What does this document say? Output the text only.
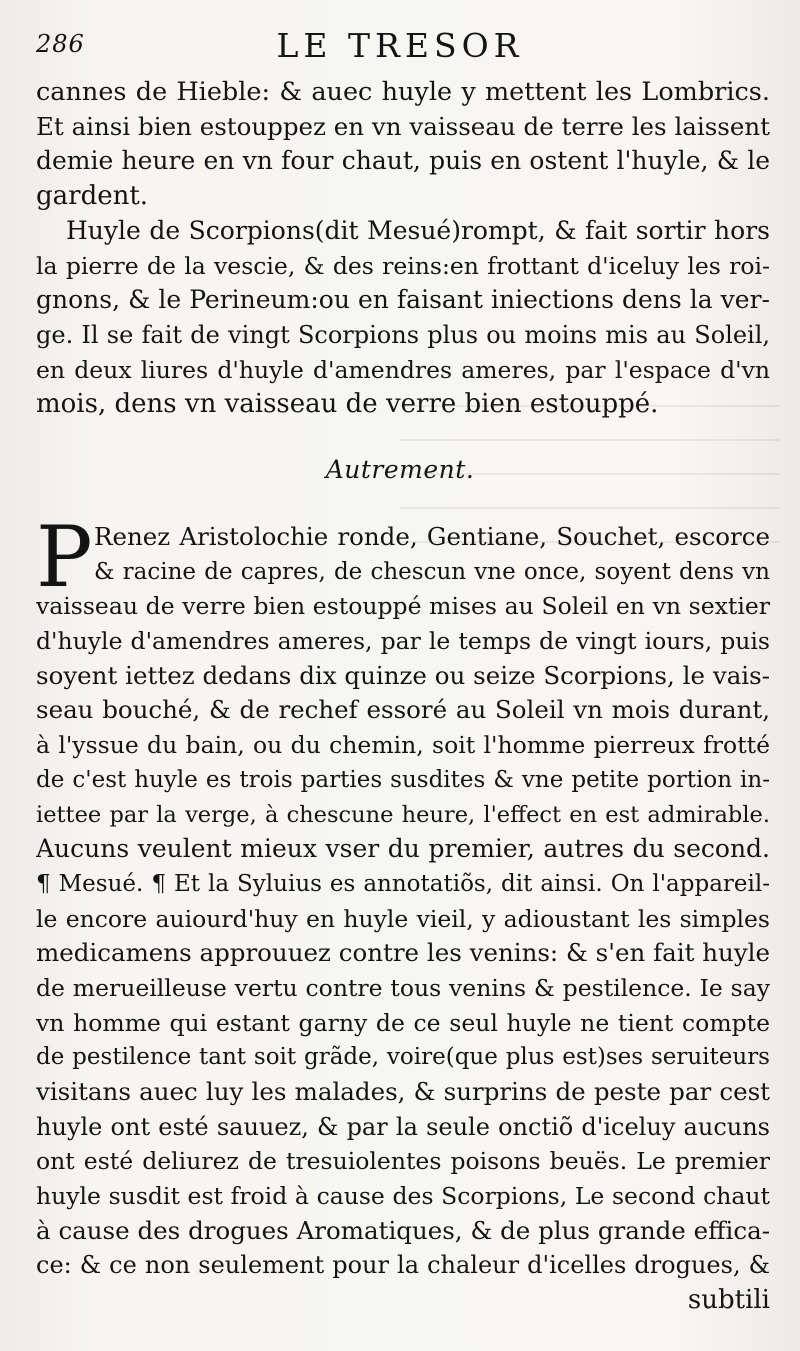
286	LE TRESOR
cannes de Hieble: & auec huyle y mettent les Lombrics.
Et ainsi bien estouppez en vn vaisseau de terre les laissent
demie heure en vn four chaut, puis en ostent l'huyle, & le
gardent.
Huyle de Scorpions(dit Mesué)rompt, & fait sortir hors
la pierre de la vescie, & des reins:en frottant d'iceluy les roi-
gnons, & le Perineum:ou en faisant iniections dens la ver-
ge. Il se fait de vingt Scorpions plus ou moins mis au Soleil,
en deux liures d'huyle d'amendres ameres, par l'espace d'vn
mois, dens vn vaisseau de verre bien estouppé.
Autrement.
P Renez Aristolochie ronde, Gentiane, Souchet, escorce
& racine de capres, de chescun vne once, soyent dens vn
vaisseau de verre bien estouppé mises au Soleil en vn sextier
d'huyle d'amendres ameres, par le temps de vingt iours, puis
soyent iettez dedans dix quinze ou seize Scorpions, le vais-
seau bouché, & de rechef essoré au Soleil vn mois durant,
à l'yssue du bain, ou du chemin, soit l'homme pierreux frotté
de c'est huyle es trois parties susdites & vne petite portion in-
iettee par la verge, à chescune heure, l'effect en est admirable.
Aucuns veulent mieux vser du premier, autres du second.
¶ Mesué. ¶ Et la Syluius es annotatiõs, dit ainsi. On l'appareil-
le encore auiourd'huy en huyle vieil, y adioustant les simples
medicamens approuuez contre les venins: & s'en fait huyle
de merueilleuse vertu contre tous venins & pestilence. Ie say
vn homme qui estant garny de ce seul huyle ne tient compte
de pestilence tant soit grãde, voire(que plus est)ses seruiteurs
visitans auec luy les malades, & surprins de peste par cest
huyle ont esté sauuez, & par la seule onctiõ d'iceluy aucuns
ont esté deliurez de tresuiolentes poisons beuës. Le premier
huyle susdit est froid à cause des Scorpions, Le second chaut
à cause des drogues Aromatiques, & de plus grande effica-
ce: & ce non seulement pour la chaleur d'icelles drogues, &
subtili
